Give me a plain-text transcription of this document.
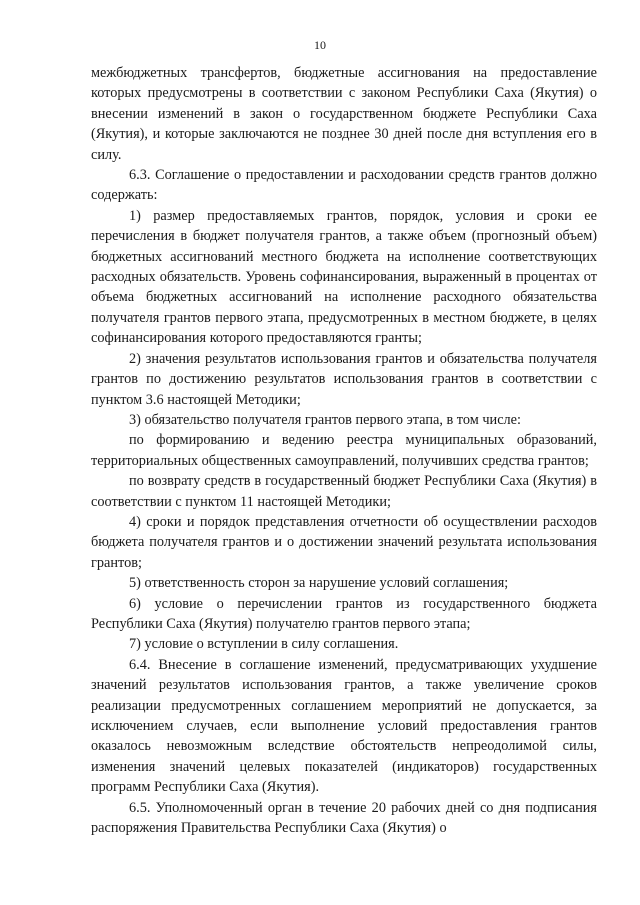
10

межбюджетных трансфертов, бюджетные ассигнования на предоставление которых предусмотрены в соответствии с законом Республики Саха (Якутия) о внесении изменений в закон о государственном бюджете Республики Саха (Якутия), и которые заключаются не позднее 30 дней после дня вступления его в силу.

6.3. Соглашение о предоставлении и расходовании средств грантов должно содержать:

1) размер предоставляемых грантов, порядок, условия и сроки ее перечисления в бюджет получателя грантов, а также объем (прогнозный объем) бюджетных ассигнований местного бюджета на исполнение соответствующих расходных обязательств. Уровень софинансирования, выраженный в процентах от объема бюджетных ассигнований на исполнение расходного обязательства получателя грантов первого этапа, предусмотренных в местном бюджете, в целях софинансирования которого предоставляются гранты;

2) значения результатов использования грантов и обязательства получателя грантов по достижению результатов использования грантов в соответствии с пунктом 3.6 настоящей Методики;

3) обязательство получателя грантов первого этапа, в том числе:

по формированию и ведению реестра муниципальных образований, территориальных общественных самоуправлений, получивших средства грантов;

по возврату средств в государственный бюджет Республики Саха (Якутия) в соответствии с пунктом 11 настоящей Методики;

4) сроки и порядок представления отчетности об осуществлении расходов бюджета получателя грантов и о достижении значений результата использования грантов;

5) ответственность сторон за нарушение условий соглашения;

6) условие о перечислении грантов из государственного бюджета Республики Саха (Якутия) получателю грантов первого этапа;

7) условие о вступлении в силу соглашения.

6.4. Внесение в соглашение изменений, предусматривающих ухудшение значений результатов использования грантов, а также увеличение сроков реализации предусмотренных соглашением мероприятий не допускается, за исключением случаев, если выполнение условий предоставления грантов оказалось невозможным вследствие обстоятельств непреодолимой силы, изменения значений целевых показателей (индикаторов) государственных программ Республики Саха (Якутия).

6.5. Уполномоченный орган в течение 20 рабочих дней со дня подписания распоряжения Правительства Республики Саха (Якутия) о
